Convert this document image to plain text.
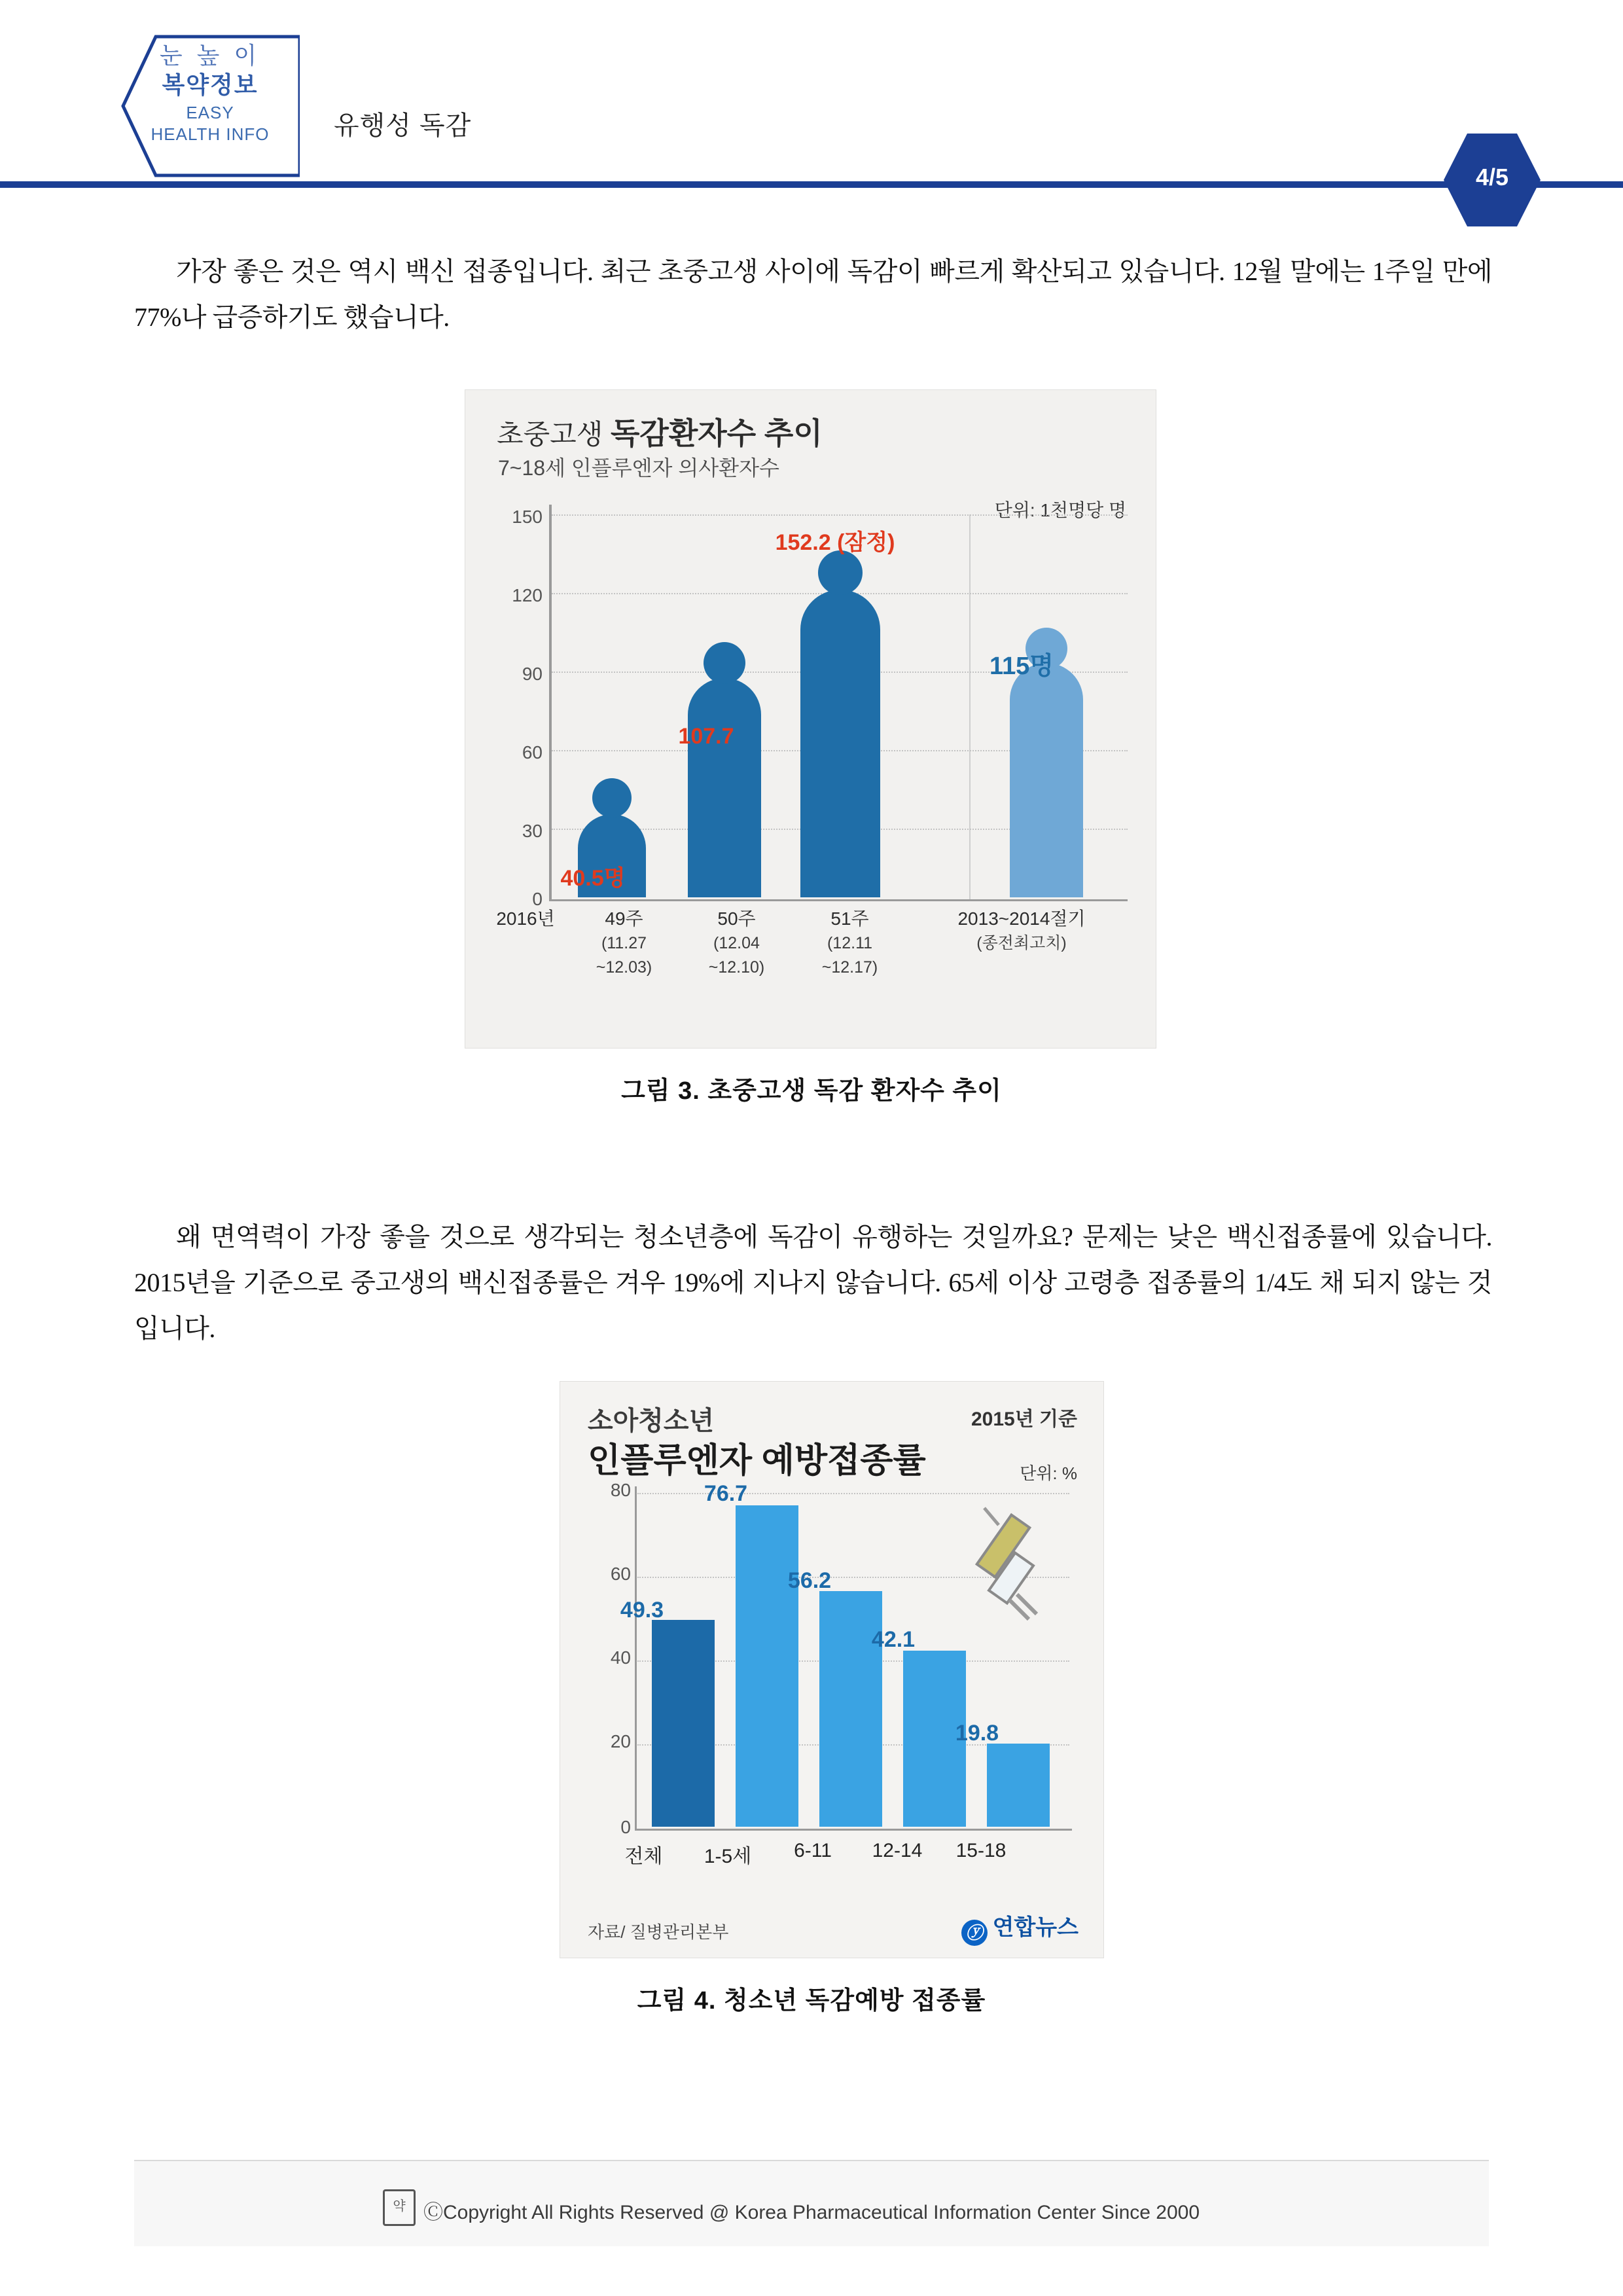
눈 높 이
복약정보
EASY
HEALTH INFO	유행성 독감
4/5
가장 좋은 것은 역시 백신 접종입니다. 최근 초중고생 사이에 독감이 빠르게 확산되고 있습니다. 12월 말에는 1주일 만에 77%나 급증하기도 했습니다.
초중고생 독감환자수 추이
7~18세 인플루엔자 의사환자수
단위: 1천명당 명
150
120
90
60
30
0
40.5명
107.7
152.2 (잠정)
115명
2016년	49주
(11.27
~12.03)
50주
(12.04
~12.10)
51주
(12.11
~12.17)
2013~2014절기
(종전최고치)
그림 3. 초중고생 독감 환자수 추이
왜 면역력이 가장 좋을 것으로 생각되는 청소년층에 독감이 유행하는 것일까요? 문제는 낮은 백신접종률에 있습니다. 2015년을 기준으로 중고생의 백신접종률은 겨우 19%에 지나지 않습니다. 65세 이상 고령층 접종률의 1/4도 채 되지 않는 것입니다.
소아청소년
인플루엔자 예방접종률
2015년 기준
단위: %
80
60
40
20
0
49.3
76.7
56.2
42.1
19.8
전체	1-5세	6-11	12-14	15-18
자료/ 질병관리본부	ⓨ 연합뉴스
그림 4. 청소년 독감예방 접종률
약 ⒸCopyright All Rights Reserved @ Korea Pharmaceutical Information Center Since 2000
